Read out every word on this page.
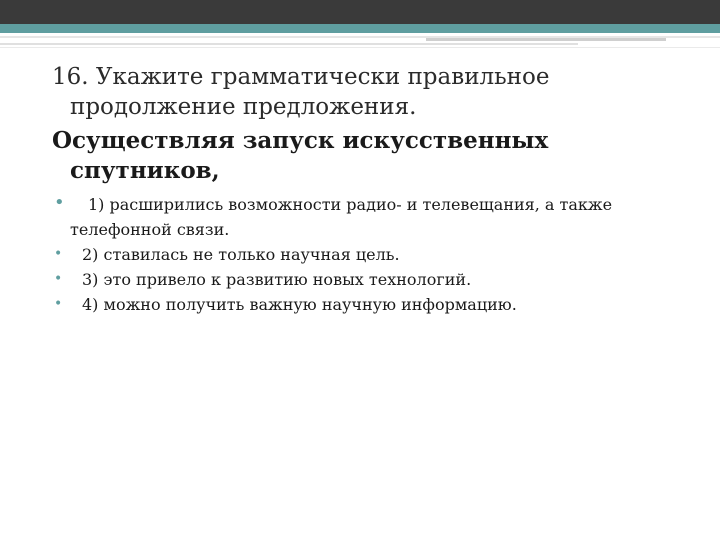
16. Укажите грамматически правильное

продолжение предложения.

Осуществляя запуск искусственных

спутников,

•	1) расширились возможности радио- и телевещания, а также
телефонной связи.
•	2) ставилась не только научная цель.
•	3) это привело к развитию новых технологий.
•	4) можно получить важную научную информацию.
